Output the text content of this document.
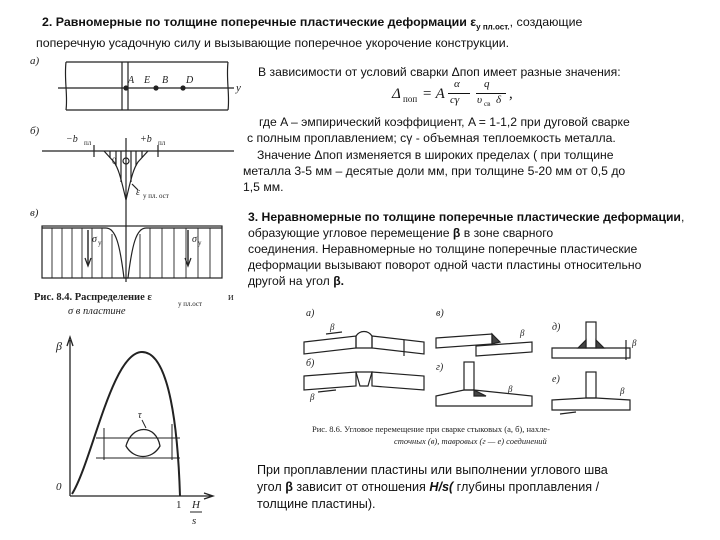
2. Равномерные по толщине поперечные пластические деформации $\varepsilon_{у пл.ост.}$, создающие
поперечную усадочную силу и вызывающие поперечное укорочение конструкции.
В зависимости от условий сварки Δпоп имеет разные значения:
Δ поп = A
α
cγ
q
υ св δ ,
где A – эмпирический коэффициент, A = 1-1,2 при дуговой сварке
с полным проплавлением; cγ - объемная теплоемкость металла.
Значение Δпоп изменяется в широких пределах ( при толщине
металла 3-5 мм – десятые доли мм, при толщине 5-20 мм от 0,5 до
1,5 мм.
3. Неравномерные по толщине поперечные пластические деформации, образующие угловое перемещение β в зоне сварного
соединения. Неравномерные но толщине поперечные пластические
деформации вызывают поворот одной части пластины относительно
другой на угол β.
При проплавлении пластины или выполнении углового шва
угол β зависит от отношения H/s( глубины проплавления /
толщине пластины).
а)
A E B D
y
б)
−b пл	+b пл
0
ε у пл. ост
в)
σ y	σ y
Рис. 8.4. Распределение ε
у пл.ост
и
σ в пластине
β
0
1 H
s
τ
а)
β
б)
β
в)
β
г)
β
д)
β
е)
β
Рис. 8.6. Угловое перемещение при сварке стыковых (а, б), нахле-
сточных (в), тавровых (г — е) соединений
